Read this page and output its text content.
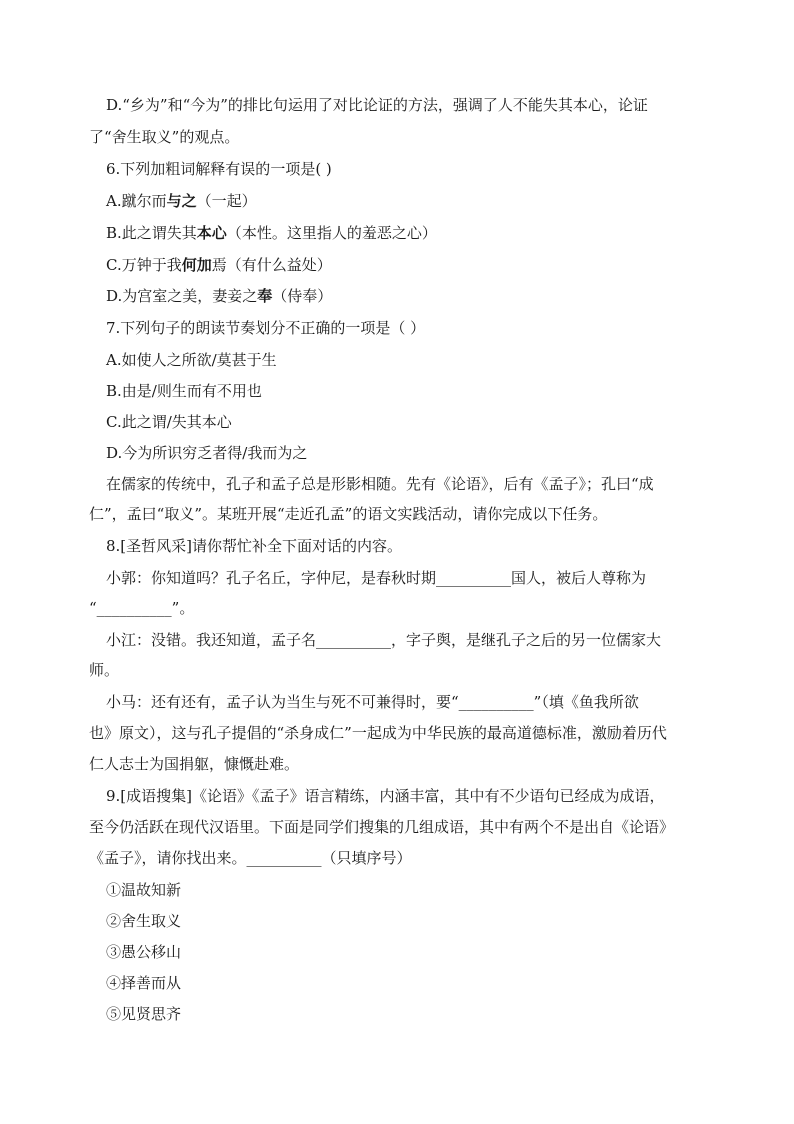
D.“乡为”和“今为”的排比句运用了对比论证的方法，强调了人不能失其本心，论证
了“舍生取义”的观点。
6.下列加粗词解释有误的一项是( )
A.蹴尔而与之（一起）
B.此之谓失其本心（本性。这里指人的羞恶之心）
C.万钟于我何加焉（有什么益处）
D.为宫室之美，妻妾之奉（侍奉）
7.下列句子的朗读节奏划分不正确的一项是（ ）
A.如使人之所欲/莫甚于生
B.由是/则生而有不用也
C.此之谓/失其本心
D.今为所识穷乏者得/我而为之
在儒家的传统中，孔子和孟子总是形影相随。先有《论语》，后有《孟子》；孔曰“成
仁”，孟曰“取义”。某班开展“走近孔孟”的语文实践活动，请你完成以下任务。
8.[圣哲风采]请你帮忙补全下面对话的内容。
小郭：你知道吗？孔子名丘，字仲尼，是春秋时期__________国人，被后人尊称为
“__________”。
小江：没错。我还知道，孟子名__________，字子舆，是继孔子之后的另一位儒家大
师。
小马：还有还有，孟子认为当生与死不可兼得时，要“__________”（填《鱼我所欲
也》原文），这与孔子提倡的“杀身成仁”一起成为中华民族的最高道德标准，激励着历代
仁人志士为国捐躯，慷慨赴难。
9.[成语搜集]《论语》《孟子》语言精练，内涵丰富，其中有不少语句已经成为成语，
至今仍活跃在现代汉语里。下面是同学们搜集的几组成语，其中有两个不是出自《论语》
《孟子》，请你找出来。__________（只填序号）
①温故知新
②舍生取义
③愚公移山
④择善而从
⑤见贤思齐
